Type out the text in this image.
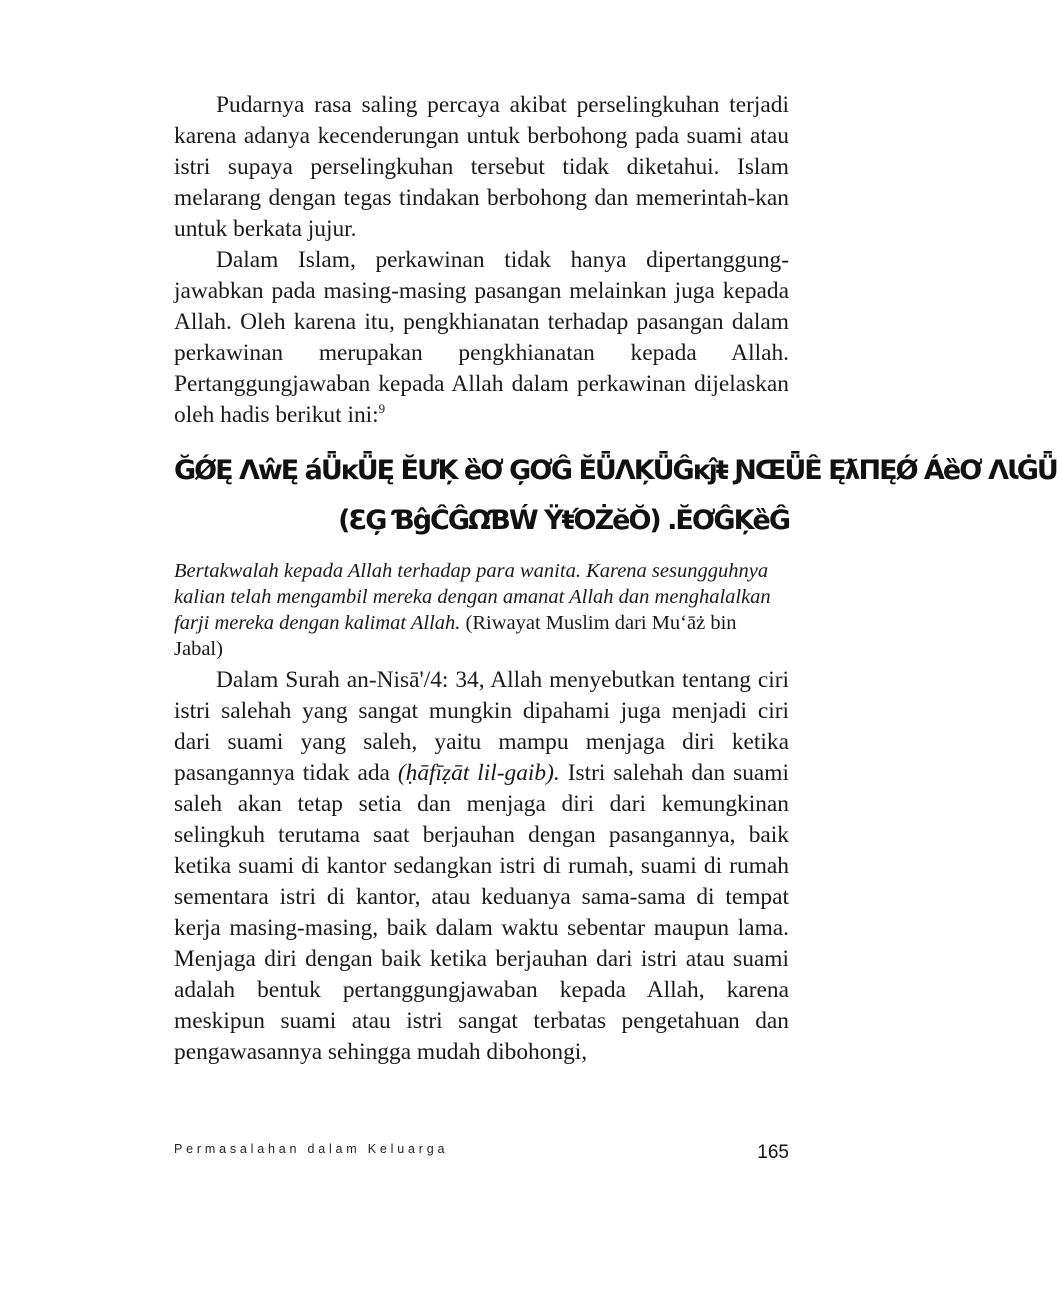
Pudarnya rasa saling percaya akibat perselingkuhan terjadi karena adanya kecenderungan untuk berbohong pada suami atau istri supaya perselingkuhan tersebut tidak diketahui. Islam melarang dengan tegas tindakan berbohong dan memerintah-kan untuk berkata jujur.

Dalam Islam, perkawinan tidak hanya dipertanggung-jawabkan pada masing-masing pasangan melainkan juga kepada Allah. Oleh karena itu, pengkhianatan terhadap pasangan dalam perkawinan merupakan pengkhianatan kepada Allah. Pertanggungjawaban kepada Allah dalam perkawinan dijelaskan oleh hadis berikut ini:$^9$

ĞǾĘ ΛŵĘ áǕĸǕĘ ĔƯĶ ȅƠ ĢƠĜ ĔǕΛĶǕĜĸĵŧ ƝŒǕÊ ĘƛΠĘǾ ÁȅƠ ΛƖĠǕ
(ƐĢ ƁĝĈĜΩƁẂ ŸŧΌŻĕŎ) .ĔƠĜĶȅĜ

Bertakwalah kepada Allah terhadap para wanita. Karena sesungguhnya kalian telah mengambil mereka dengan amanat Allah dan menghalalkan farji mereka dengan kalimat Allah. (Riwayat Muslim dari Mu‘āż bin Jabal)

Dalam Surah an-Nisā'/4: 34, Allah menyebutkan tentang ciri istri salehah yang sangat mungkin dipahami juga menjadi ciri dari suami yang saleh, yaitu mampu menjaga diri ketika pasangannya tidak ada (ḥāfīẓāt lil-gaib). Istri salehah dan suami saleh akan tetap setia dan menjaga diri dari kemungkinan selingkuh terutama saat berjauhan dengan pasangannya, baik ketika suami di kantor sedangkan istri di rumah, suami di rumah sementara istri di kantor, atau keduanya sama-sama di tempat kerja masing-masing, baik dalam waktu sebentar maupun lama. Menjaga diri dengan baik ketika berjauhan dari istri atau suami adalah bentuk pertanggungjawaban kepada Allah, karena meskipun suami atau istri sangat terbatas pengetahuan dan pengawasannya sehingga mudah dibohongi,

Permasalahan dalam Keluarga	165
